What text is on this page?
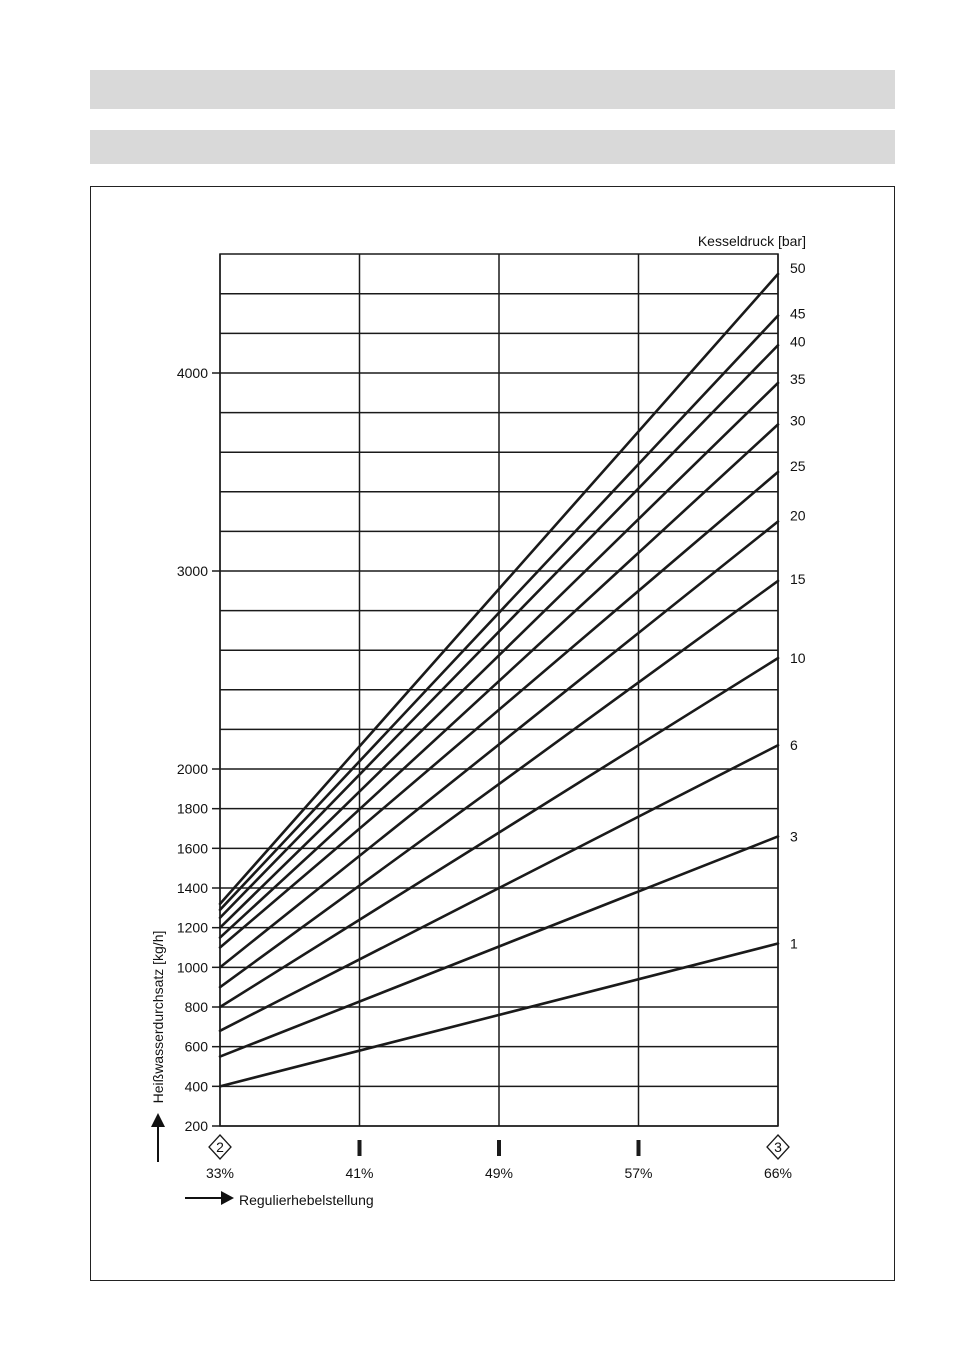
Kesseldruck [bar]
Heißwasserdurchsatz [kg/h]
Regulierhebelstellung
200
400
600
800
1000
1200
1400
1600
1800
2000
3000
4000
2
33%	41%	49%	57%
3
66%
1
3
6
10
15
20
25
30
35
40
45
50
